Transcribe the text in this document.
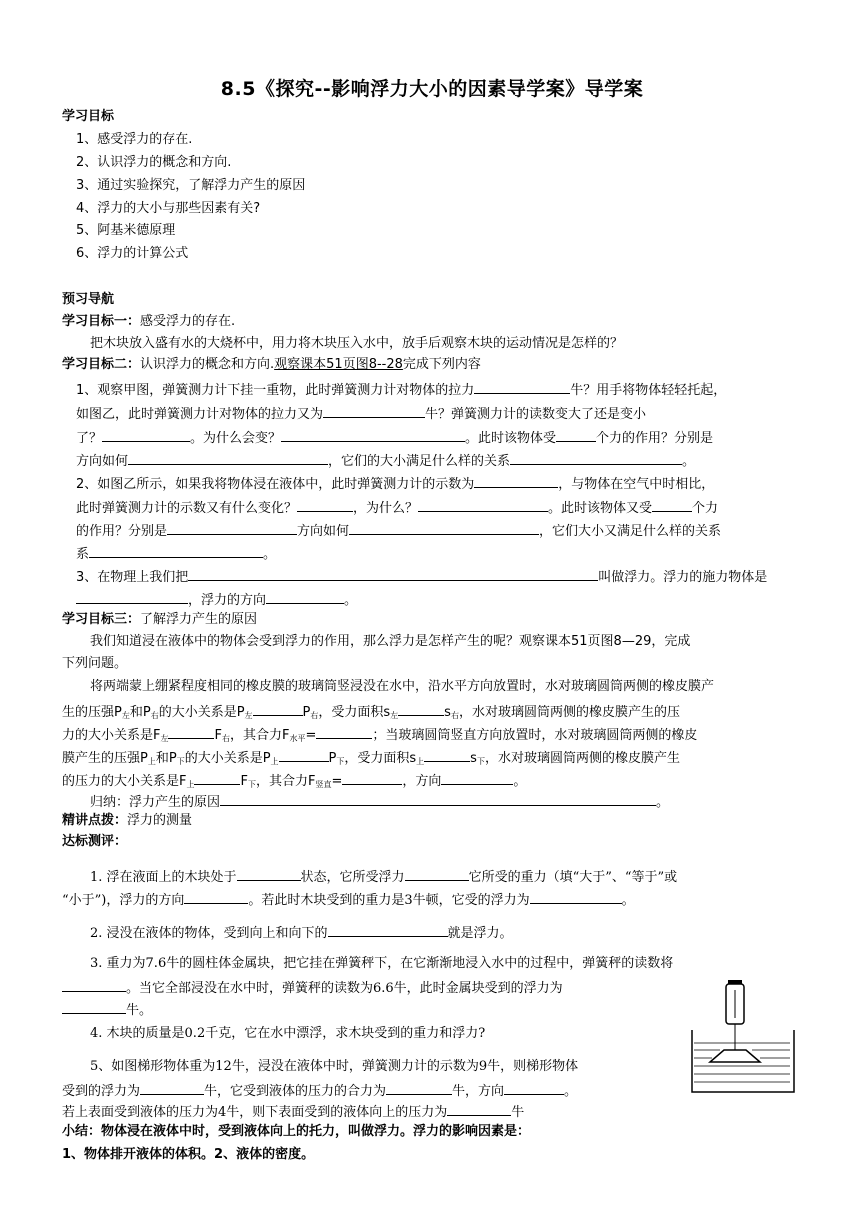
8.5《探究--影响浮力大小的因素导学案》导学案
学习目标
1、感受浮力的存在.
2、认识浮力的概念和方向.
3、通过实验探究，了解浮力产生的原因
4、浮力的大小与那些因素有关?
5、阿基米德原理
6、浮力的计算公式
预习导航
学习目标一：感受浮力的存在.
把木块放入盛有水的大烧杯中，用力将木块压入水中，放手后观察木块的运动情况是怎样的？
学习目标二：认识浮力的概念和方向.观察课本51页图8--28完成下列内容
1、观察甲图，弹簧测力计下挂一重物，此时弹簧测力计对物体的拉力	牛？用手将物体轻轻托起，
如图乙，此时弹簧测力计对物体的拉力又为	牛？弹簧测力计的读数变大了还是变小
了？	。为什么会变？	。此时该物体受	个力的作用？分别是
方向如何	，它们的大小满足什么样的关系	。
2、如图乙所示，如果我将物体浸在液体中，此时弹簧测力计的示数为	，与物体在空气中时相比，
此时弹簧测力计的示数又有什么变化？	，为什么？	。此时该物体又受	个力
的作用？分别是	方向如何	，它们大小又满足什么样的关系
系	。
3、在物理上我们把	叫做浮力。浮力的施力物体是
，浮力的方向	。
学习目标三：了解浮力产生的原因
我们知道浸在液体中的物体会受到浮力的作用，那么浮力是怎样产生的呢？观察课本51页图8—29，完成
下列问题。
将两端蒙上绷紧程度相同的橡皮膜的玻璃筒竖浸没在水中，沿水平方向放置时，水对玻璃圆筒两侧的橡皮膜产
生的压强$P_左$和$P_右$的大小关系是$P_左$	$P_右$，受力面积$s_左$	$s_右$，水对玻璃圆筒两侧的橡皮膜产生的压
力的大小关系是$F_左$	$F_右$，其合力$F_{水平}=$	；当玻璃圆筒竖直方向放置时，水对玻璃圆筒两侧的橡皮
膜产生的压强$P_上$和$P_下$的大小关系是$P_上$	$P_下$，受力面积$s_上$	$s_下$，水对玻璃圆筒两侧的橡皮膜产生
的压力的大小关系是$F_上$	$F_下$，其合力$F_{竖直}=$	，方向	。
归纳：浮力产生的原因	。
精讲点拨：浮力的测量
达标测评：
1. 浮在液面上的木块处于	状态，它所受浮力	它所受的重力（填“大于”、“等于”或
“小于”)，浮力的方向	。若此时木块受到的重力是3牛顿，它受的浮力为	。
2. 浸没在液体的物体，受到向上和向下的	就是浮力。
3. 重力为7.6牛的圆柱体金属块，把它挂在弹簧秤下，在它渐渐地浸入水中的过程中，弹簧秤的读数将
。当它全部浸没在水中时，弹簧秤的读数为6.6牛，此时金属块受到的浮力为
牛。
4. 木块的质量是0.2千克，它在水中漂浮，求木块受到的重力和浮力?
5、如图梯形物体重为12牛，浸没在液体中时，弹簧测力计的示数为9牛，则梯形物体
受到的浮力为	牛，它受到液体的压力的合力为	牛，方向	。
若上表面受到液体的压力为4牛，则下表面受到的液体向上的压力为	牛
小结：物体浸在液体中时，受到液体向上的托力，叫做浮力。浮力的影响因素是：
1、物体排开液体的体积。2、液体的密度。
